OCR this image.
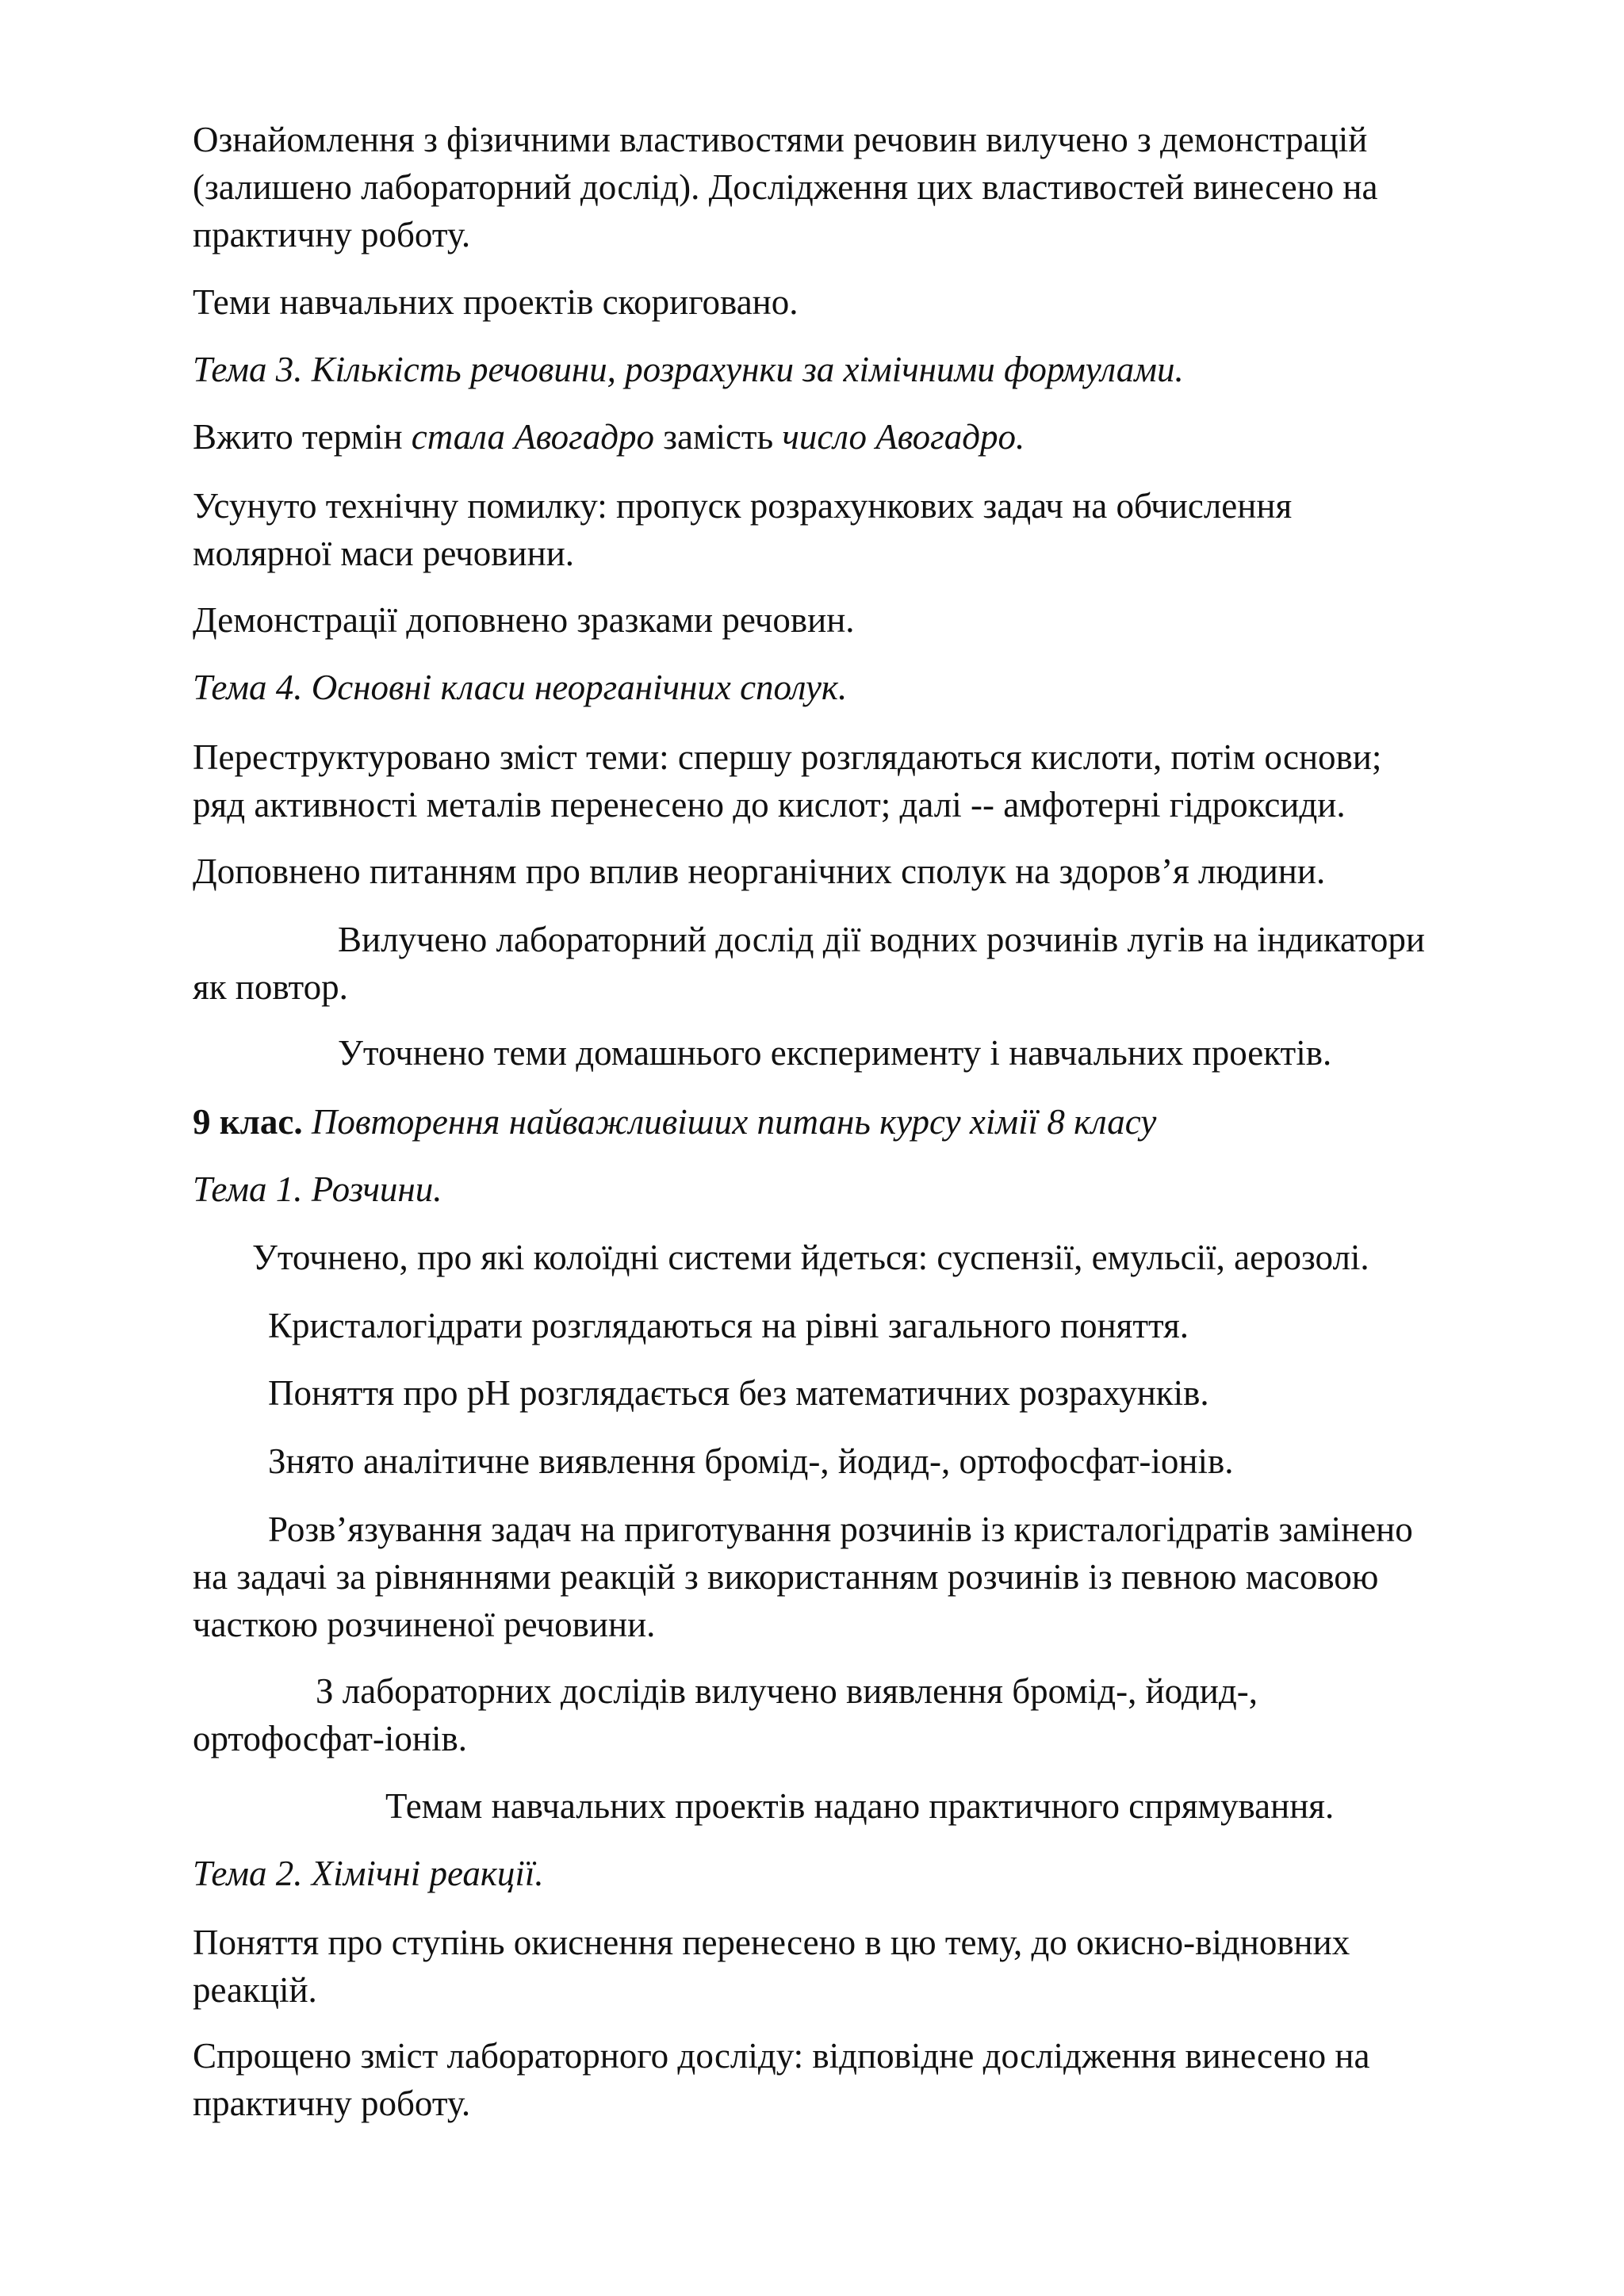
Ознайомлення з фізичними властивостями речовин вилучено з демонстрацій
(залишено лабораторний дослід). Дослідження цих властивостей винесено на
практичну роботу.
Теми навчальних проектів скориговано.
Тема 3. Кількість речовини, розрахунки за хімічними формулами.
Вжито термін стала Авогадро замість число Авогадро.
Усунуто технічну помилку: пропуск розрахункових задач на обчислення
молярної маси речовини.
Демонстрації доповнено зразками речовин.
Тема 4. Основні класи неорганічних сполук.
Переструктуровано зміст теми: спершу розглядаються кислоти, потім основи;
ряд активності металів перенесено до кислот; далі -- амфотерні гідроксиди.
Доповнено питанням про вплив неорганічних сполук на здоров’я людини.
Вилучено лабораторний дослід дії водних розчинів лугів на індикатори
як повтор.
Уточнено теми домашнього експерименту і навчальних проектів.
9 клас. Повторення найважливіших питань курсу хімії 8 класу
Тема 1. Розчини.
Уточнено, про які колоїдні системи йдеться: суспензії, емульсії, аерозолі.
Кристалогідрати розглядаються на рівні загального поняття.
Поняття про pH розглядається без математичних розрахунків.
Знято аналітичне виявлення бромід-, йодид-, ортофосфат-іонів.
Розв’язування задач на приготування розчинів із кристалогідратів замінено
на задачі за рівняннями реакцій з використанням розчинів із певною масовою
часткою розчиненої речовини.
З лабораторних дослідів вилучено виявлення бромід-, йодид-,
ортофосфат-іонів.
Темам навчальних проектів надано практичного спрямування.
Тема 2. Хімічні реакції.
Поняття про ступінь окиснення перенесено в цю тему, до окисно-відновних
реакцій.
Спрощено зміст лабораторного досліду: відповідне дослідження винесено на
практичну роботу.
